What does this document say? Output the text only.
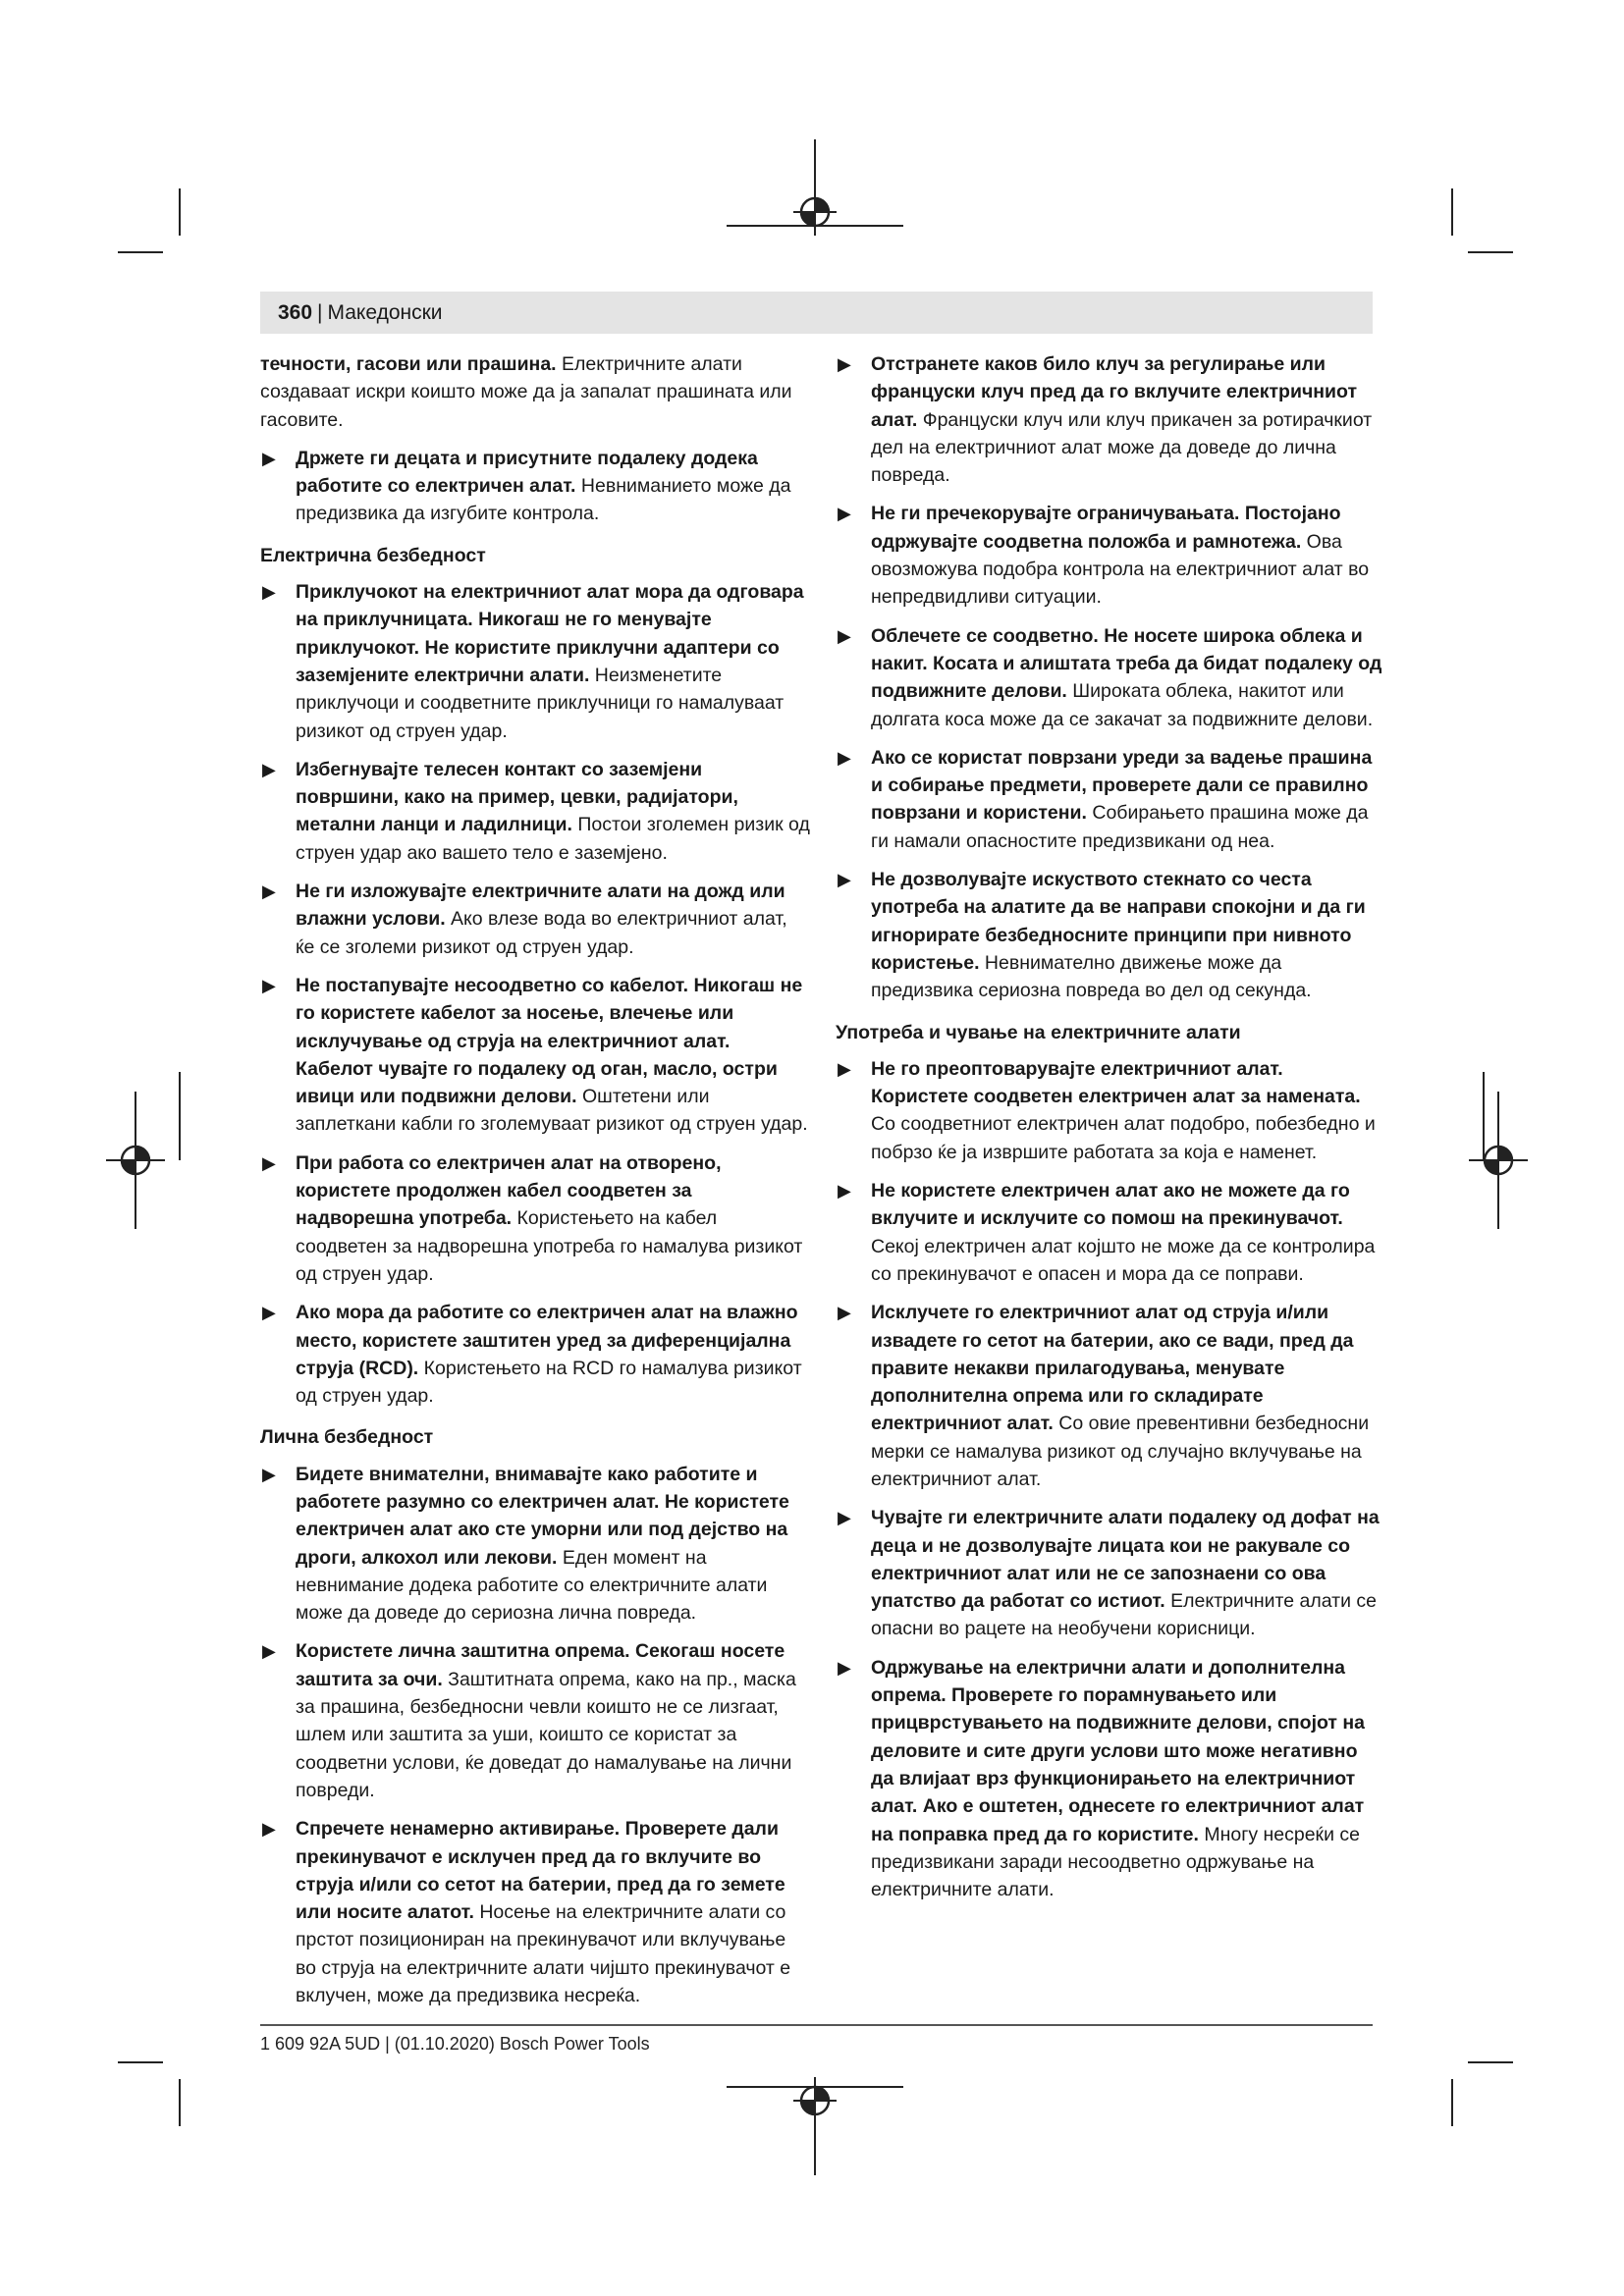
360 | Македонски

течности, гасови или прашина. Електричните алати создаваат искри коишто може да ја запалат прашината или гасовите.

▶ Држете ги децата и присутните подалеку додека работите со електричен алат. Невниманието може да предизвика да изгубите контрола.
Електрична безбедност
▶ Приклучокот на електричниот алат мора да одговара на приклучницата. Никогаш не го менувајте приклучокот. Не користите приклучни адаптери со заземјените електрични алати. Неизменетите приклучоци и соодветните приклучници го намалуваат ризикот од струен удар.
▶ Избегнувајте телесен контакт со заземјени површини, како на пример, цевки, радијатори, метални ланци и ладилници. Постои зголемен ризик од струен удар ако вашето тело е заземјено.
▶ Не ги изложувајте електричните алати на дожд или влажни услови. Ако влезе вода во електричниот алат, ќе се зголеми ризикот од струен удар.
▶ Не постапувајте несоодветно со кабелот. Никогаш не го користете кабелот за носење, влечење или исклучување од струја на електричниот алат. Кабелот чувајте го подалеку од оган, масло, остри ивици или подвижни делови. Оштетени или заплеткани кабли го зголемуваат ризикот од струен удар.
▶ При работа со електричен алат на отворено, користете продолжен кабел соодветен за надворешна употреба. Користењето на кабел соодветен за надворешна употреба го намалува ризикот од струен удар.
▶ Ако мора да работите со електричен алат на влажно место, користете заштитен уред за диференцијална струја (RCD). Користењето на RCD го намалува ризикот од струен удар.
Лична безбедност
▶ Бидете внимателни, внимавајте како работите и работете разумно со електричен алат. Не користете електричен алат ако сте уморни или под дејство на дроги, алкохол или лекови. Еден момент на невнимание додека работите со електричните алати може да доведе до сериозна лична повреда.
▶ Користете лична заштитна опрема. Секогаш носете заштита за очи. Заштитната опрема, како на пр., маска за прашина, безбедносни чевли коишто не се лизгаат, шлем или заштита за уши, коишто се користат за соодветни услови, ќе доведат до намалување на лични повреди.
▶ Спречете ненамерно активирање. Проверете дали прекинувачот е исклучен пред да го вклучите во струја и/или со сетот на батерии, пред да го земете или носите алатот. Носење на електричните алати со прстот позициониран на прекинувачот или вклучување во струја на електричните алати чијшто прекинувачот е вклучен, може да предизвика несреќа.
▶ Отстранете каков било клуч за регулирање или француски клуч пред да го вклучите електричниот алат. Француски клуч или клуч прикачен за ротирачкиот дел на електричниот алат може да доведе до лична повреда.
▶ Не ги пречекорувајте ограничувањата. Постојано одржувајте соодветна положба и рамнотежа. Ова овозможува подобра контрола на електричниот алат во непредвидливи ситуации.
▶ Облечете се соодветно. Не носете широка облека и накит. Косата и алиштата треба да бидат подалеку од подвижните делови. Широката облека, накитот или долгата коса може да се закачат за подвижните делови.
▶ Ако се користат поврзани уреди за вадење прашина и собирање предмети, проверете дали се правилно поврзани и користени. Собирањето прашина може да ги намали опасностите предизвикани од неа.
▶ Не дозволувајте искуството стекнато со честа употреба на алатите да ве направи спокојни и да ги игнорирате безбедносните принципи при нивното користење. Невнимателно движење може да предизвика сериозна повреда во дел од секунда.
Употреба и чување на електричните алати
▶ Не го преоптоварувајте електричниот алат. Користете соодветен електричен алат за намената. Со соодветниот електричен алат подобро, побезбедно и побрзо ќе ја извршите работата за која е наменет.
▶ Не користете електричен алат ако не можете да го вклучите и исклучите со помош на прекинувачот. Секој електричен алат којшто не може да се контролира со прекинувачот е опасен и мора да се поправи.
▶ Исклучете го електричниот алат од струја и/или извадете го сетот на батерии, ако се вади, пред да правите некакви прилагодувања, менувате дополнителна опрема или го складирате електричниот алат. Со овие превентивни безбедносни мерки се намалува ризикот од случајно вклучување на електричниот алат.
▶ Чувајте ги електричните алати подалеку од дофат на деца и не дозволувајте лицата кои не ракувале со електричниот алат или не се запознаени со ова упатство да работат со истиот. Електричните алати се опасни во рацете на необучени корисници.
▶ Одржување на електрични алати и дополнителна опрема. Проверете го порамнувањето или прицврстувањето на подвижните делови, спојот на деловите и сите други услови што може негативно да влијаат врз функционирањето на електричниот алат. Ако е оштетен, однесете го електричниот алат на поправка пред да го користите. Многу несреќи се предизвикани заради несоодветно одржување на електричните алати.
1 609 92A 5UD | (01.10.2020) Bosch Power Tools
